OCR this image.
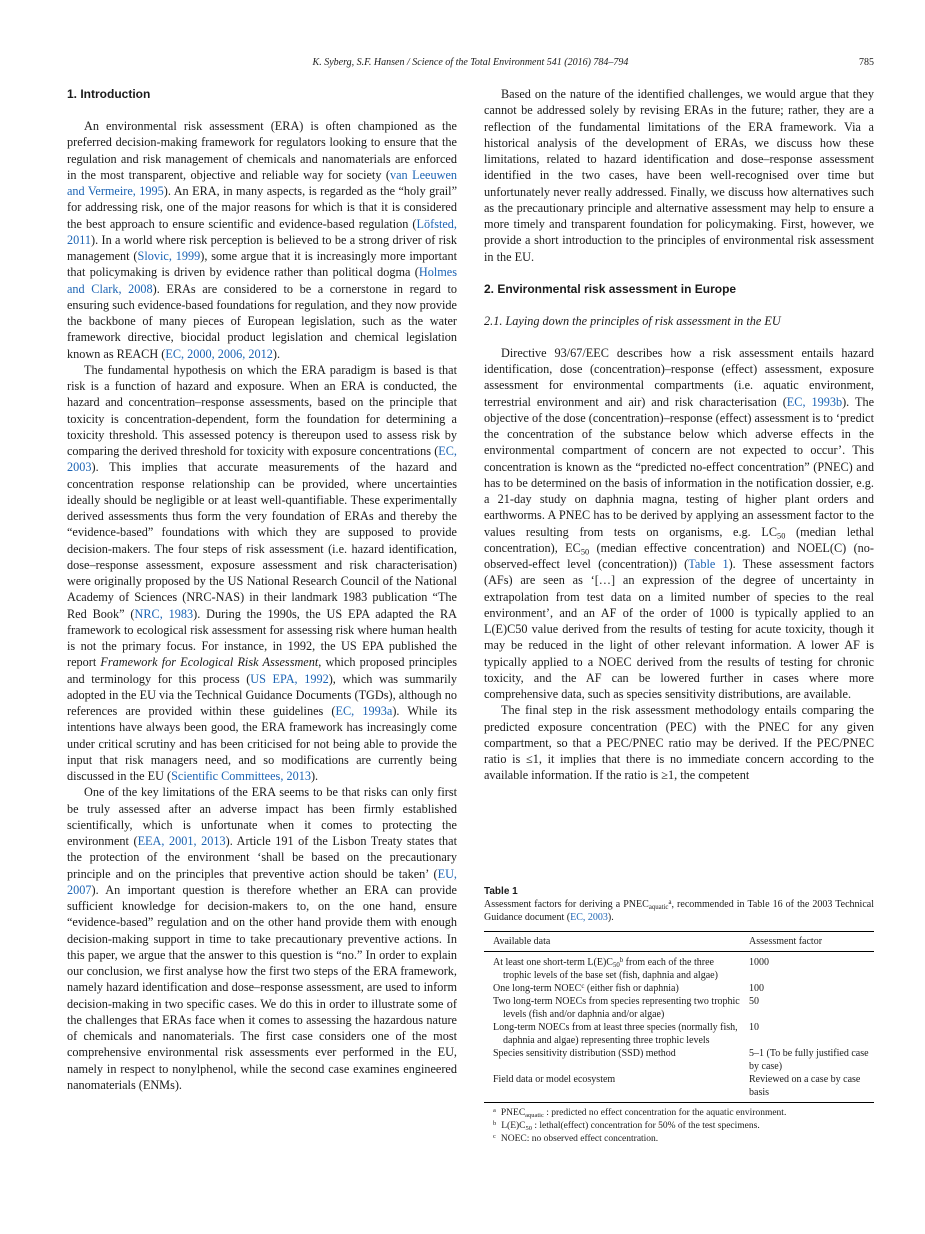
K. Syberg, S.F. Hansen / Science of the Total Environment 541 (2016) 784–794	785
1. Introduction

An environmental risk assessment (ERA) is often championed as the preferred decision-making framework for regulators looking to ensure that the regulation and risk management of chemicals and nanomaterials are enforced in the most transparent, objective and reliable way for society (van Leeuwen and Vermeire, 1995). An ERA, in many aspects, is regarded as the “holy grail” for addressing risk, one of the major reasons for which is that it is considered the best approach to ensure scientific and evidence-based regulation (Löfsted, 2011). In a world where risk perception is believed to be a strong driver of risk management (Slovic, 1999), some argue that it is increasingly more important that policymaking is driven by evidence rather than political dogma (Holmes and Clark, 2008). ERAs are considered to be a cornerstone in regard to ensuring such evidence-based foundations for regulation, and they now provide the backbone of many pieces of European legislation, such as the water framework directive, biocidal product legislation and chemical legislation known as REACH (EC, 2000, 2006, 2012).

The fundamental hypothesis on which the ERA paradigm is based is that risk is a function of hazard and exposure. When an ERA is conducted, the hazard and concentration–response assessments, based on the principle that toxicity is concentration-dependent, form the foundation for determining a toxicity threshold. This assessed potency is thereupon used to assess risk by comparing the derived threshold for toxicity with exposure concentrations (EC, 2003). This implies that accurate measurements of the hazard and concentration response relationship can be provided, where uncertainties ideally should be negligible or at least well-quantifiable. These experimentally derived assessments thus form the very foundation of ERAs and thereby the “evidence-based” foundations with which they are supposed to provide decision-makers. The four steps of risk assessment (i.e. hazard identification, dose–response assessment, exposure assessment and risk characterisation) were originally proposed by the US National Research Council of the National Academy of Sciences (NRC-NAS) in their landmark 1983 publication “The Red Book” (NRC, 1983). During the 1990s, the US EPA adapted the RA framework to ecological risk assessment for assessing risk where human health is not the primary focus. For instance, in 1992, the US EPA published the report Framework for Ecological Risk Assessment, which proposed principles and terminology for this process (US EPA, 1992), which was summarily adopted in the EU via the Technical Guidance Documents (TGDs), although no references are provided within these guidelines (EC, 1993a). While its intentions have always been good, the ERA framework has increasingly come under critical scrutiny and has been criticised for not being able to provide the input that risk managers need, and so modifications are currently being discussed in the EU (Scientific Committees, 2013).

One of the key limitations of the ERA seems to be that risks can only first be truly assessed after an adverse impact has been firmly established scientifically, which is unfortunate when it comes to protecting the environment (EEA, 2001, 2013). Article 191 of the Lisbon Treaty states that the protection of the environment ‘shall be based on the precautionary principle and on the principles that preventive action should be taken’ (EU, 2007). An important question is therefore whether an ERA can provide sufficient knowledge for decision-makers to, on the one hand, ensure “evidence-based” regulation and on the other hand provide them with enough decision-making support in time to take precautionary preventive actions. In this paper, we argue that the answer to this question is “no.” In order to explain our conclusion, we first analyse how the first two steps of the ERA framework, namely hazard identification and dose–response assessment, are used to inform decision-making in two specific cases. We do this in order to illustrate some of the challenges that ERAs face when it comes to assessing the hazardous nature of chemicals and nanomaterials. The first case considers one of the most comprehensive environmental risk assessments ever performed in the EU, namely in respect to nonylphenol, while the second case examines engineered nanomaterials (ENMs).

Based on the nature of the identified challenges, we would argue that they cannot be addressed solely by revising ERAs in the future; rather, they are a reflection of the fundamental limitations of the ERA framework. Via a historical analysis of the development of ERAs, we discuss how these limitations, related to hazard identification and dose–response assessment identified in the two cases, have been well-recognised over time but unfortunately never really addressed. Finally, we discuss how alternatives such as the precautionary principle and alternative assessment may help to ensure a more timely and transparent foundation for policymaking. First, however, we provide a short introduction to the principles of environmental risk assessment in the EU.

2. Environmental risk assessment in Europe
2.1. Laying down the principles of risk assessment in the EU

Directive 93/67/EEC describes how a risk assessment entails hazard identification, dose (concentration)–response (effect) assessment, exposure assessment for environmental compartments (i.e. aquatic environment, terrestrial environment and air) and risk characterisation (EC, 1993b). The objective of the dose (concentration)–response (effect) assessment is to ‘predict the concentration of the substance below which adverse effects in the environmental compartment of concern are not expected to occur’. This concentration is known as the “predicted no-effect concentration” (PNEC) and has to be determined on the basis of information in the notification dossier, e.g. a 21-day study on daphnia magna, testing of higher plant orders and earthworms. A PNEC has to be derived by applying an assessment factor to the values resulting from tests on organisms, e.g. $LC_{50}$ (median lethal concentration), $EC_{50}$ (median effective concentration) and NOEL(C) (no-observed-effect level (concentration)) (Table 1). These assessment factors (AFs) are seen as ‘[…] an expression of the degree of uncertainty in extrapolation from test data on a limited number of species to the real environment’, and an AF of the order of 1000 is typically applied to an L(E)C50 value derived from the results of testing for acute toxicity, though it may be reduced in the light of other relevant information. A lower AF is typically applied to a NOEC derived from the results of testing for chronic toxicity, and the AF can be lowered further in cases where more comprehensive data, such as species sensitivity distributions, are available.

The final step in the risk assessment methodology entails comparing the predicted exposure concentration (PEC) with the PNEC for any given compartment, so that a PEC/PNEC ratio may be derived. If the PEC/PNEC ratio is ≤1, it implies that there is no immediate concern according to the available information. If the ratio is ≥1, the competent

Table 1
Assessment factors for deriving a $PNEC_{aquatic}^a$, recommended in Table 16 of the 2003 Technical Guidance document (EC, 2003).
Available data	Assessment factor

At least one short-term $L(E)C_{50}^b$ from each of the three trophic levels of the base set (fish, daphnia and algae)	1000

One long-term NOEC$^c$ (either fish or daphnia)	100

Two long-term NOECs from species representing two trophic levels (fish and/or daphnia and/or algae)	50

Long-term NOECs from at least three species (normally fish, daphnia and algae) representing three trophic levels	10

Species sensitivity distribution (SSD) method	5–1 (To be fully justified case by case)

Field data or model ecosystem	Reviewed on a case by case basis
$^a$ $PNEC_{aquatic}$ : predicted no effect concentration for the aquatic environment.
$^b$ $L(E)C_{50}$ : lethal(effect) concentration for 50% of the test specimens.
$^c$ NOEC: no observed effect concentration.
